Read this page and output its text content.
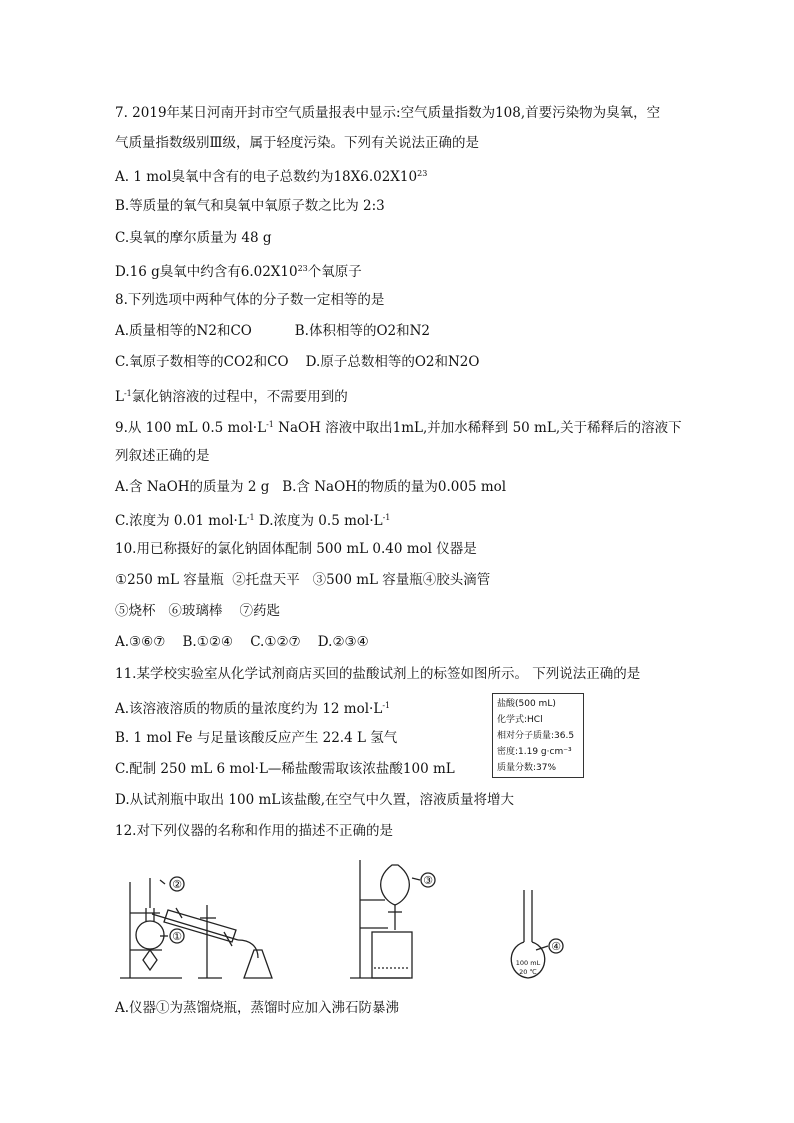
7. 2019年某日河南开封市空气质量报表中显示:空气质量指数为108,首要污染物为臭氧，空
气质量指数级别Ⅲ级，属于轻度污染。下列有关说法正确的是
A. 1 mol臭氧中含有的电子总数约为$18X6.02X10^{23}$
B.等质量的氧气和臭氧中氧原子数之比为 2:3
C.臭氧的摩尔质量为 48 g
D.16 g臭氧中约含有$6.02X10^{23}$个氧原子
8.下列选项中两种气体的分子数一定相等的是
A.质量相等的N2和CO          B.体积相等的O2和N2
C.氧原子数相等的CO2和CO    D.原子总数相等的O2和N2O
$L^{-1}$氯化钠溶液的过程中，不需要用到的
9.从 100 mL 0.5 $mol\cdot L^{-1}$ NaOH 溶液中取出1mL,并加水稀释到 50 mL,关于稀释后的溶液下
列叙述正确的是
A.含 NaOH的质量为 2 g   B.含 NaOH的物质的量为0.005 mol
C.浓度为 0.01 $mol\cdot L^{-1}$ D.浓度为 0.5 $mol\cdot L^{-1}$
10.用已称摄好的氯化钠固体配制 500 mL 0.40 mol 仪器是
①250 mL 容量瓶  ②托盘天平   ③500 mL 容量瓶④胶头滴管
⑤烧杯   ⑥玻璃棒    ⑦药匙
A.③⑥⑦    B.①②④    C.①②⑦    D.②③④
11.某学校实验室从化学试剂商店买回的盐酸试剂上的标签如图所示。 下列说法正确的是
A.该溶液溶质的物质的量浓度约为 12 $mol\cdot L^{-1}$
B. 1 mol Fe 与足量该酸反应产生 22.4 L 氢气
C.配制 250 mL 6 mol·L—稀盐酸需取该浓盐酸100 mL
D.从试剂瓶中取出 100 mL该盐酸,在空气中久置，溶液质量将增大
盐酸(500 mL)
化学式:HCl
相对分子质量:36.5
密度:1.19 g·cm⁻³
质量分数:37%
12.对下列仪器的名称和作用的描述不正确的是
①
②	③
④
100 mL
20 ℃
A.仪器①为蒸馏烧瓶，蒸馏时应加入沸石防暴沸
